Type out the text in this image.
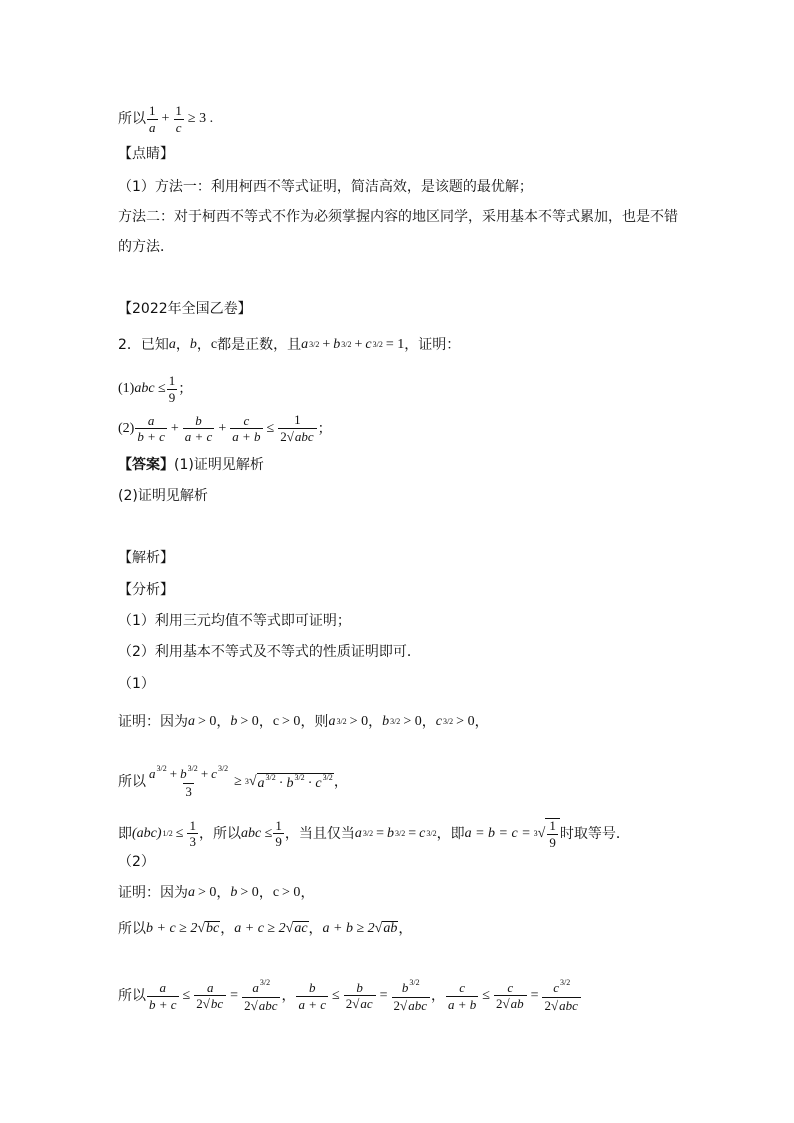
所以 $\frac{1}{a} + \frac{1}{c} \ge 3$ .
【点睛】
（1）方法一：利用柯西不等式证明，简洁高效，是该题的最优解；
方法二：对于柯西不等式不作为必须掌握内容的地区同学，采用基本不等式累加，也是不错
的方法．
【2022年全国乙卷】
2．已知 a ， b ， c 都是正数，且 a 3/2 + b 3/2 + c 3/2 = 1 ，证明：
(1) abc ≤ $\frac{1}{9}$ ；
$(2) \frac{a}{b + c} + \frac{b}{a + c} + \frac{c}{a + b} \le \frac{1}{\text{2√abc}}$ ；
【答案】 (1)证明见解析
(2)证明见解析
【解析】
【分析】
（1）利用三元均值不等式即可证明；
（2）利用基本不等式及不等式的性质证明即可．
（1）
证明：因为 a > 0 ， b > 0 ， c > 0 ，则 a 3/2 > 0 ， b 3/2 > 0 ， c 3/2 > 0 ，
所以 $\frac{a^{3/2} + b^{3/2} + c^{3/2}}{3} \ge 3$ √ $a^{3/2} \cdot b^{3/2} \cdot c^{3/2}$ ，
即 (abc) $1/2 \le \frac{1}{3}$ ，所以 abc ≤ $\frac{1}{9}$ ，当且仅当 a 3/2 = b 3/2 = c 3/2 ，即 a = b = c = 3 √ $\frac{1}{9}$ 时取等号．
（2）
证明：因为 a > 0 ， b > 0 ， c > 0 ，
所以 b + c ≥ 2 √ bc ， a + c ≥ 2 √ ac ， a + b ≥ 2 √ ab ，
所以 $\frac{a}{b + c} \le \frac{a}{2√bc} = \frac{a^{3/2}}{\text{2√abc}}$ ， $\frac{b}{a + c} \le \frac{b}{2√ac} = \frac{b^{3/2}}{\text{2√abc}}$ ， $\frac{c}{a + b} \le \frac{c}{2√ab} = \frac{c^{3/2}}{\text{2√abc}}$
